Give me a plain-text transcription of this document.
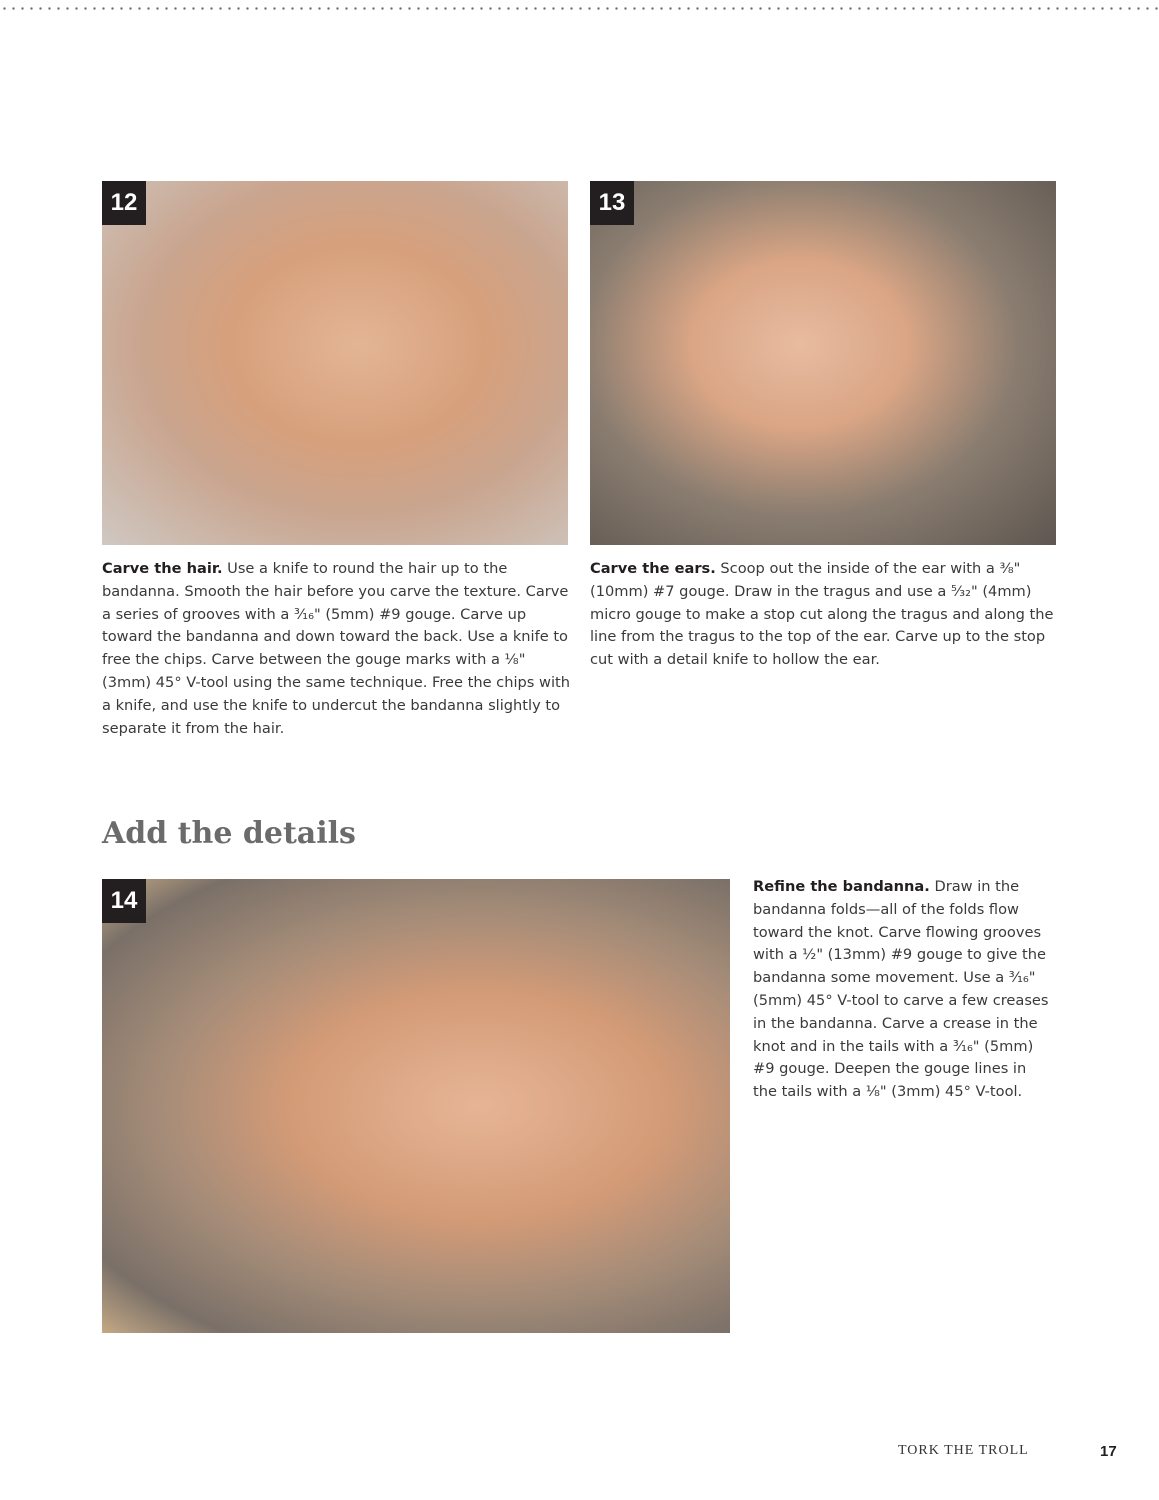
12	13

Carve the hair. Use a knife to round the hair up to the bandanna. Smooth the hair before you carve the texture. Carve a series of grooves with a ³⁄₁₆" (5mm) #9 gouge. Carve up toward the bandanna and down toward the back. Use a knife to free the chips. Carve between the gouge marks with a ⅛" (3mm) 45° V-tool using the same technique. Free the chips with a knife, and use the knife to undercut the bandanna slightly to separate it from the hair.

Carve the ears. Scoop out the inside of the ear with a ⅜" (10mm) #7 gouge. Draw in the tragus and use a ⁵⁄₃₂" (4mm) micro gouge to make a stop cut along the tragus and along the line from the tragus to the top of the ear. Carve up to the stop cut with a detail knife to hollow the ear.

Add the details
14

Refine the bandanna. Draw in the bandanna folds—all of the folds flow toward the knot. Carve flowing grooves with a ½" (13mm) #9 gouge to give the bandanna some movement. Use a ³⁄₁₆" (5mm) 45° V-tool to carve a few creases in the bandanna. Carve a crease in the knot and in the tails with a ³⁄₁₆" (5mm) #9 gouge. Deepen the gouge lines in the tails with a ⅛" (3mm) 45° V-tool.

TORK THE TROLL	17
